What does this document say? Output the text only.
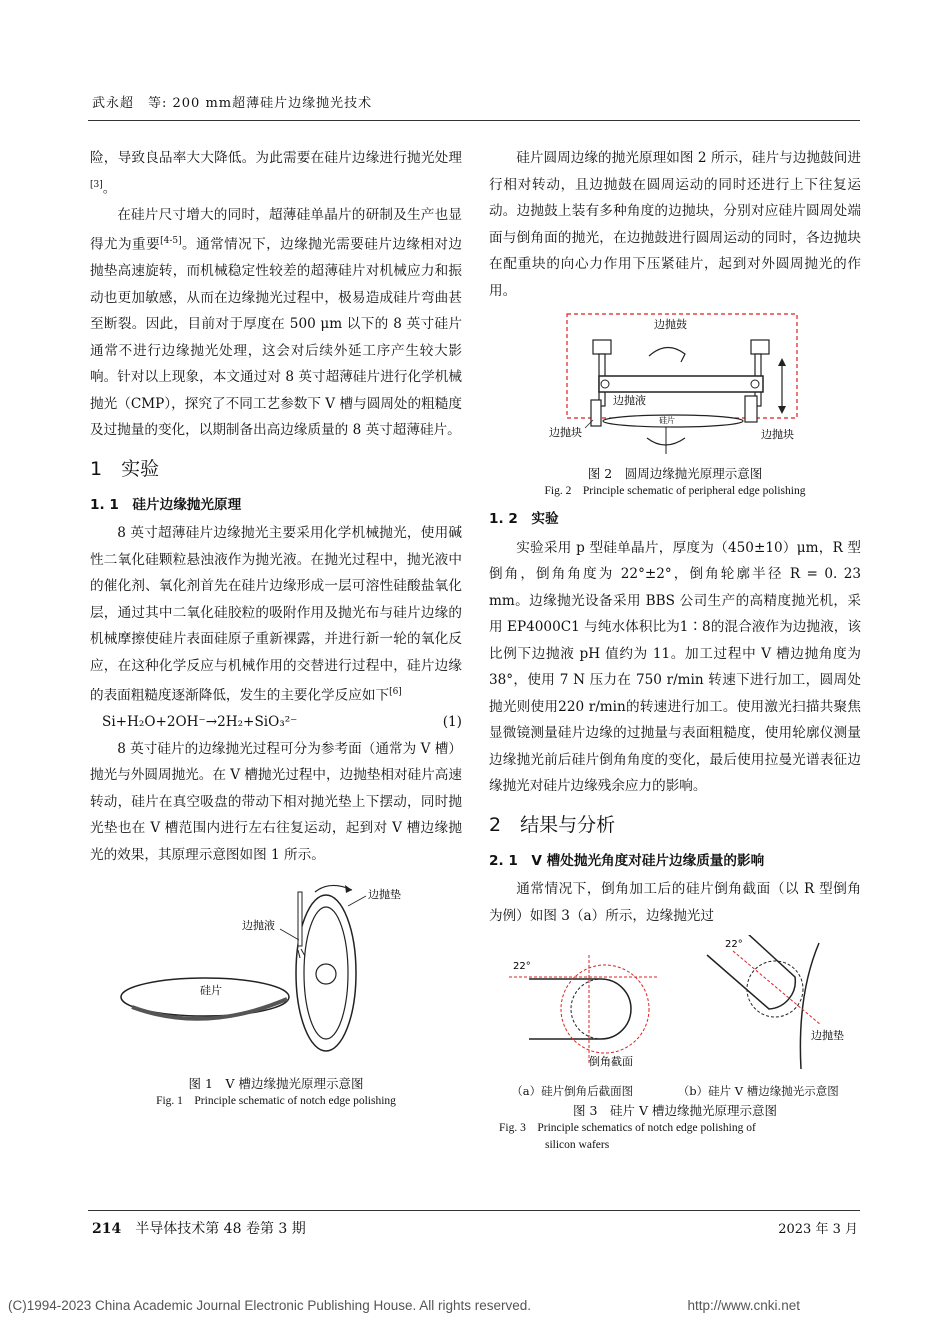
武永超　等: 200 mm超薄硅片边缘抛光技术

险，导致良品率大大降低。为此需要在硅片边缘进行抛光处理[3]。

在硅片尺寸增大的同时，超薄硅单晶片的研制及生产也显得尤为重要[4-5]。通常情况下，边缘抛光需要硅片边缘相对边抛垫高速旋转，而机械稳定性较差的超薄硅片对机械应力和振动也更加敏感，从而在边缘抛光过程中，极易造成硅片弯曲甚至断裂。因此，目前对于厚度在 500 μm 以下的 8 英寸硅片通常不进行边缘抛光处理，这会对后续外延工序产生较大影响。针对以上现象，本文通过对 8 英寸超薄硅片进行化学机械抛光（CMP），探究了不同工艺参数下 V 槽与圆周处的粗糙度及过抛量的变化，以期制备出高边缘质量的 8 英寸超薄硅片。

1　实验
1. 1　硅片边缘抛光原理

8 英寸超薄硅片边缘抛光主要采用化学机械抛光，使用碱性二氧化硅颗粒悬浊液作为抛光液。在抛光过程中，抛光液中的催化剂、氧化剂首先在硅片边缘形成一层可溶性硅酸盐氧化层，通过其中二氧化硅胶粒的吸附作用及抛光布与硅片边缘的机械摩擦使硅片表面硅原子重新裸露，并进行新一轮的氧化反应，在这种化学反应与机械作用的交替进行过程中，硅片边缘的表面粗糙度逐渐降低，发生的主要化学反应如下[6]

Si+H₂O+2OH⁻→2H₂+SiO₃²⁻	(1)

8 英寸硅片的边缘抛光过程可分为参考面（通常为 V 槽）抛光与外圆周抛光。在 V 槽抛光过程中，边抛垫相对硅片高速转动，硅片在真空吸盘的带动下相对抛光垫上下摆动，同时抛光垫也在 V 槽范围内进行左右往复运动，起到对 V 槽边缘抛光的效果，其原理示意图如图 1 所示。

硅片
边抛垫
边抛液
图 1　V 槽边缘抛光原理示意图
Fig. 1　Principle schematic of notch edge polishing

硅片圆周边缘的抛光原理如图 2 所示，硅片与边抛鼓间进行相对转动，且边抛鼓在圆周运动的同时还进行上下往复运动。边抛鼓上装有多种角度的边抛块，分别对应硅片圆周处端面与倒角面的抛光，在边抛鼓进行圆周运动的同时，各边抛块在配重块的向心力作用下压紧硅片，起到对外圆周抛光的作用。

边抛鼓
硅片
边抛液
边抛块	边抛块
图 2　圆周边缘抛光原理示意图
Fig. 2　Principle schematic of peripheral edge polishing
1. 2　实验

实验采用 p 型硅单晶片，厚度为（450±10）μm，R 型倒角，倒角角度为 22°±2°，倒角轮廓半径 R = 0. 23 mm。边缘抛光设备采用 BBS 公司生产的高精度抛光机，采用 EP4000C1 与纯水体积比为1∶8的混合液作为边抛液，该比例下边抛液 pH 值约为 11。加工过程中 V 槽边抛角度为 38°，使用 7 N 压力在 750 r/min 转速下进行加工，圆周处抛光则使用220 r/min的转速进行加工。使用激光扫描共聚焦显微镜测量硅片边缘的过抛量与表面粗糙度，使用轮廓仪测量边缘抛光前后硅片倒角角度的变化，最后使用拉曼光谱表征边缘抛光对硅片边缘残余应力的影响。

2　结果与分析
2. 1　V 槽处抛光角度对硅片边缘质量的影响

通常情况下，倒角加工后的硅片倒角截面（以 R 型倒角为例）如图 3（a）所示，边缘抛光过

22°
倒角截面
22°
边抛垫
（a）硅片倒角后截面图	（b）硅片 V 槽边缘抛光示意图
图 3　硅片 V 槽边缘抛光原理示意图
Fig. 3　Principle schematics of notch edge polishing of
silicon wafers
214 半导体技术第 48 卷第 3 期	2023 年 3 月
(C)1994-2023 China Academic Journal Electronic Publishing House. All rights reserved.	http://www.cnki.net
